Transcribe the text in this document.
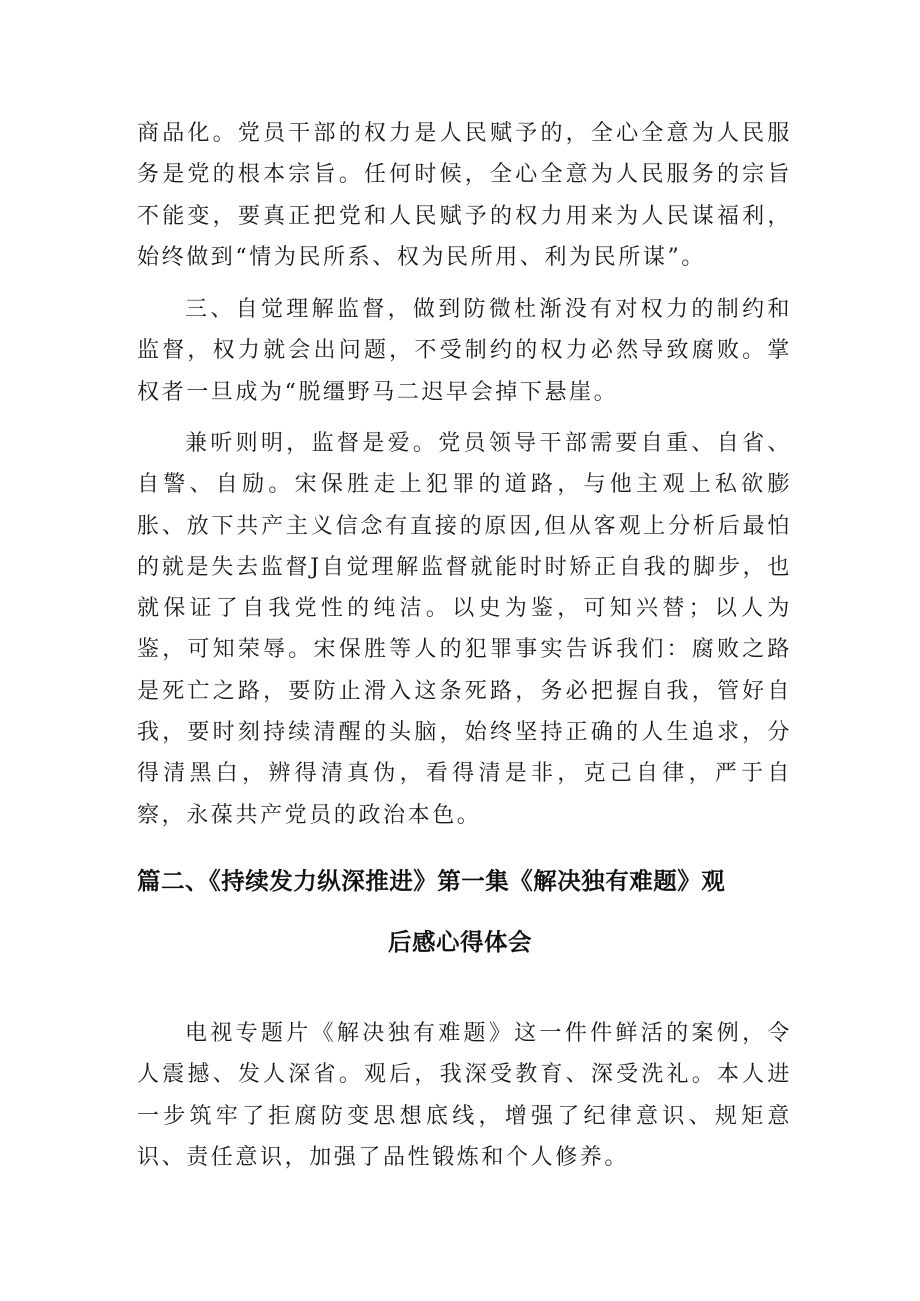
商品化。党员干部的权力是人民赋予的，全心全意为人民服务是党的根本宗旨。任何时候，全心全意为人民服务的宗旨不能变，要真正把党和人民赋予的权力用来为人民谋福利，始终做到“情为民所系、权为民所用、利为民所谋”。

三、自觉理解监督，做到防微杜渐没有对权力的制约和监督，权力就会出问题，不受制约的权力必然导致腐败。掌权者一旦成为“脱缰野马二迟早会掉下悬崖。

兼听则明，监督是爱。党员领导干部需要自重、自省、自警、自励。宋保胜走上犯罪的道路，与他主观上私欲膨胀、放下共产主义信念有直接的原因,但从客观上分析后最怕的就是失去监督J自觉理解监督就能时时矫正自我的脚步，也就保证了自我党性的纯洁。以史为鉴，可知兴替；以人为鉴，可知荣辱。宋保胜等人的犯罪事实告诉我们：腐败之路是死亡之路，要防止滑入这条死路，务必把握自我，管好自我，要时刻持续清醒的头脑，始终坚持正确的人生追求，分得清黑白，辨得清真伪，看得清是非，克己自律，严于自察，永葆共产党员的政治本色。

篇二、《持续发力纵深推进》第一集《解决独有难题》观
后感心得体会

电视专题片《解决独有难题》这一件件鲜活的案例，令人震撼、发人深省。观后，我深受教育、深受洗礼。本人进一步筑牢了拒腐防变思想底线，增强了纪律意识、规矩意识、责任意识，加强了品性锻炼和个人修养。
